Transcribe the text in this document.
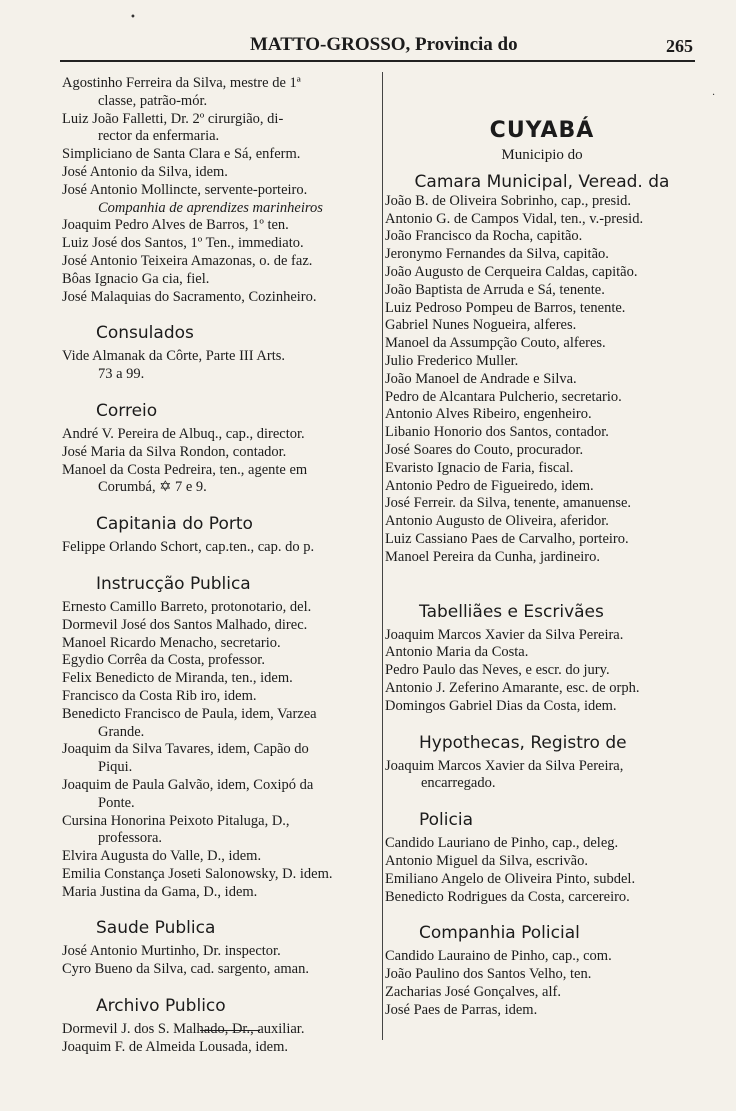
MATTO-GROSSO, Provincia do	265
Agostinho Ferreira da Silva, mestre de 1ª
classe, patrão-mór.
Luiz João Falletti, Dr. 2º cirurgião, di-
rector da enfermaria.
Simpliciano de Santa Clara e Sá, enferm.
José Antonio da Silva, idem.
José Antonio Mollincte, servente-porteiro.
Companhia de aprendizes marinheiros
Joaquim Pedro Alves de Barros, 1º ten.
Luiz José dos Santos, 1º Ten., immediato.
José Antonio Teixeira Amazonas, o. de faz.
Bôas Ignacio Ga cia, fiel.
José Malaquias do Sacramento, Cozinheiro.
Consulados
Vide Almanak da Côrte, Parte III Arts.
73 a 99.
Correio
André V. Pereira de Albuq., cap., director.
José Maria da Silva Rondon, contador.
Manoel da Costa Pedreira, ten., agente em
Corumbá, ✡ 7 e 9.
Capitania do Porto
Felippe Orlando Schort, cap.ten., cap. do p.
Instrucção Publica
Ernesto Camillo Barreto, protonotario, del.
Dormevil José dos Santos Malhado, direc.
Manoel Ricardo Menacho, secretario.
Egydio Corrêa da Costa, professor.
Felix Benedicto de Miranda, ten., idem.
Francisco da Costa Rib iro, idem.
Benedicto Francisco de Paula, idem, Varzea
Grande.
Joaquim da Silva Tavares, idem, Capão do
Piqui.
Joaquim de Paula Galvão, idem, Coxipó da
Ponte.
Cursina Honorina Peixoto Pitaluga, D.,
professora.
Elvira Augusta do Valle, D., idem.
Emilia Constança Joseti Salonowsky, D. idem.
Maria Justina da Gama, D., idem.
Saude Publica
José Antonio Murtinho, Dr. inspector.
Cyro Bueno da Silva, cad. sargento, aman.
Archivo Publico
Dormevil J. dos S. Malhado, Dr., auxiliar.
Joaquim F. de Almeida Lousada, idem.
CUYABÁ
Municipio do
Camara Municipal, Veread. da
João B. de Oliveira Sobrinho, cap., presid.
Antonio G. de Campos Vidal, ten., v.-presid.
João Francisco da Rocha, capitão.
Jeronymo Fernandes da Silva, capitão.
João Augusto de Cerqueira Caldas, capitão.
João Baptista de Arruda e Sá, tenente.
Luiz Pedroso Pompeu de Barros, tenente.
Gabriel Nunes Nogueira, alferes.
Manoel da Assumpção Couto, alferes.
Julio Frederico Muller.
João Manoel de Andrade e Silva.
Pedro de Alcantara Pulcherio, secretario.
Antonio Alves Ribeiro, engenheiro.
Libanio Honorio dos Santos, contador.
José Soares do Couto, procurador.
Evaristo Ignacio de Faria, fiscal.
Antonio Pedro de Figueiredo, idem.
José Ferreir. da Silva, tenente, amanuense.
Antonio Augusto de Oliveira, aferidor.
Luiz Cassiano Paes de Carvalho, porteiro.
Manoel Pereira da Cunha, jardineiro.
Tabelliães e Escrivães
Joaquim Marcos Xavier da Silva Pereira.
Antonio Maria da Costa.
Pedro Paulo das Neves, e escr. do jury.
Antonio J. Zeferino Amarante, esc. de orph.
Domingos Gabriel Dias da Costa, idem.
Hypothecas, Registro de
Joaquim Marcos Xavier da Silva Pereira,
encarregado.
Policia
Candido Lauriano de Pinho, cap., deleg.
Antonio Miguel da Silva, escrivão.
Emiliano Angelo de Oliveira Pinto, subdel.
Benedicto Rodrigues da Costa, carcereiro.
Companhia Policial
Candido Lauraino de Pinho, cap., com.
João Paulino dos Santos Velho, ten.
Zacharias José Gonçalves, alf.
José Paes de Parras, idem.
•
·
